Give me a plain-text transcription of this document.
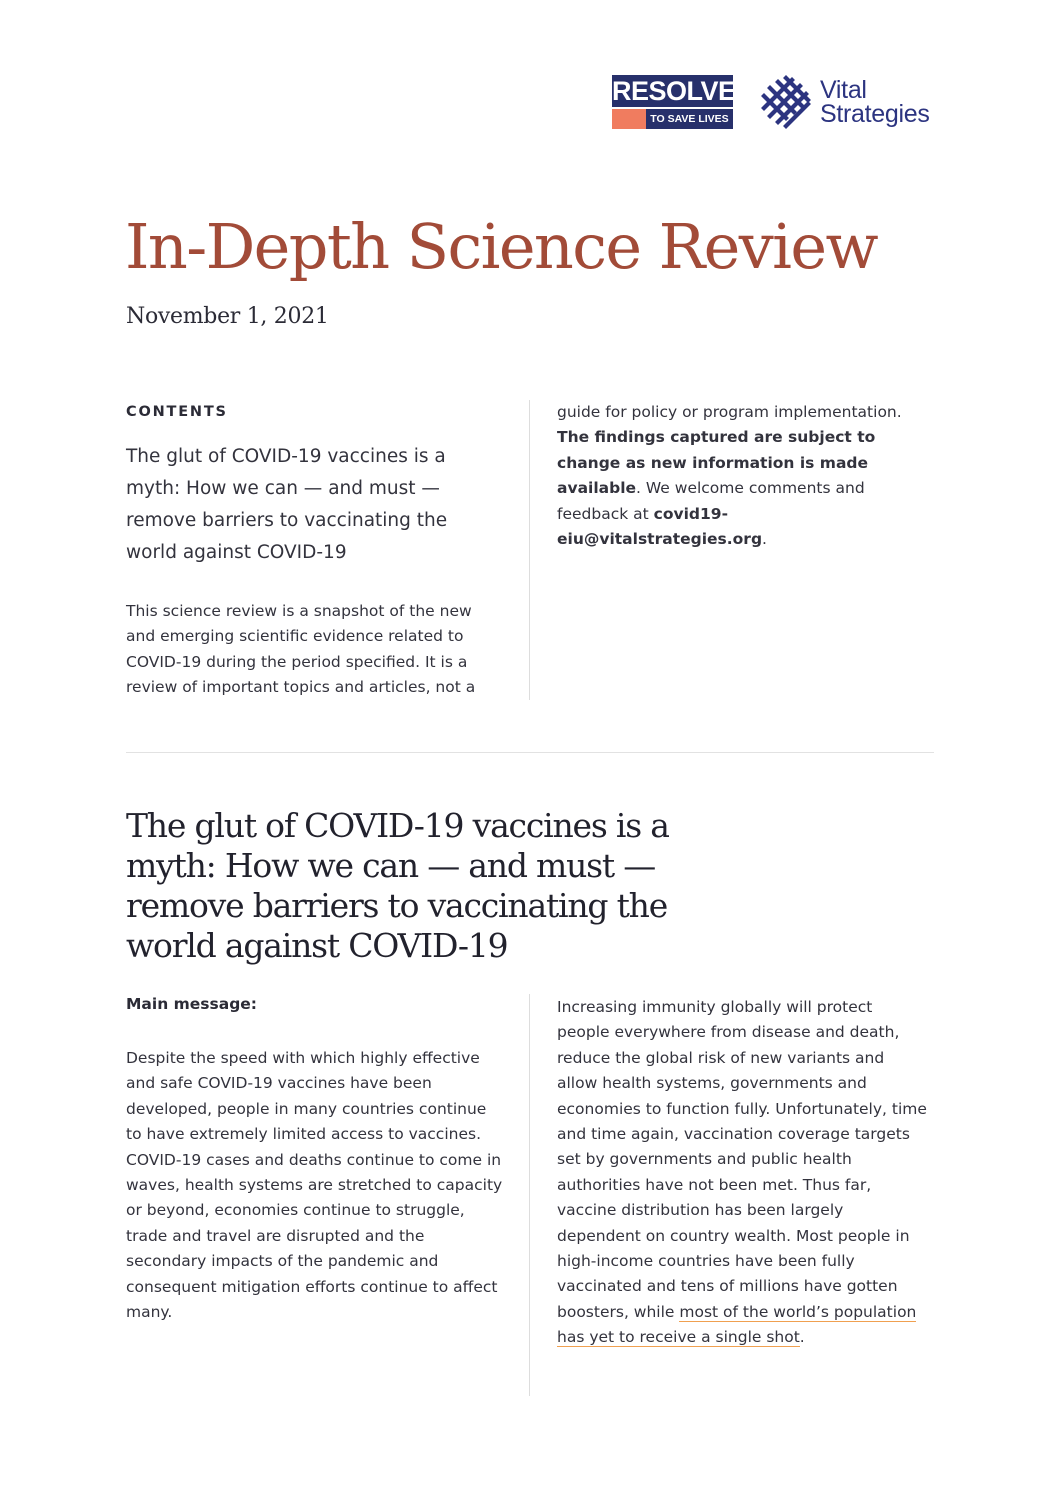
RESOLVE
TO SAVE LIVES
Vital
Strategies
In-Depth Science Review

November 1, 2021

CONTENTS

The glut of COVID-19 vaccines is a myth: How we can — and must — remove barriers to vaccinating the world against COVID-19

This science review is a snapshot of the new and emerging scientific evidence related to COVID-19 during the period specified. It is a review of important topics and articles, not a

guide for policy or program implementation. The findings captured are subject to change as new information is made available. We welcome comments and feedback at covid19-eiu@vitalstrategies.org.

The glut of COVID-19 vaccines is a myth: How we can — and must — remove barriers to vaccinating the world against COVID-19
Main message:

Despite the speed with which highly effective and safe COVID-19 vaccines have been developed, people in many countries continue to have extremely limited access to vaccines. COVID-19 cases and deaths continue to come in waves, health systems are stretched to capacity or beyond, economies continue to struggle, trade and travel are disrupted and the secondary impacts of the pandemic and consequent mitigation efforts continue to affect many.

Increasing immunity globally will protect people everywhere from disease and death, reduce the global risk of new variants and allow health systems, governments and economies to function fully. Unfortunately, time and time again, vaccination coverage targets set by governments and public health authorities have not been met. Thus far, vaccine distribution has been largely dependent on country wealth. Most people in high-income countries have been fully vaccinated and tens of millions have gotten boosters, while most of the world’s population has yet to receive a single shot.
